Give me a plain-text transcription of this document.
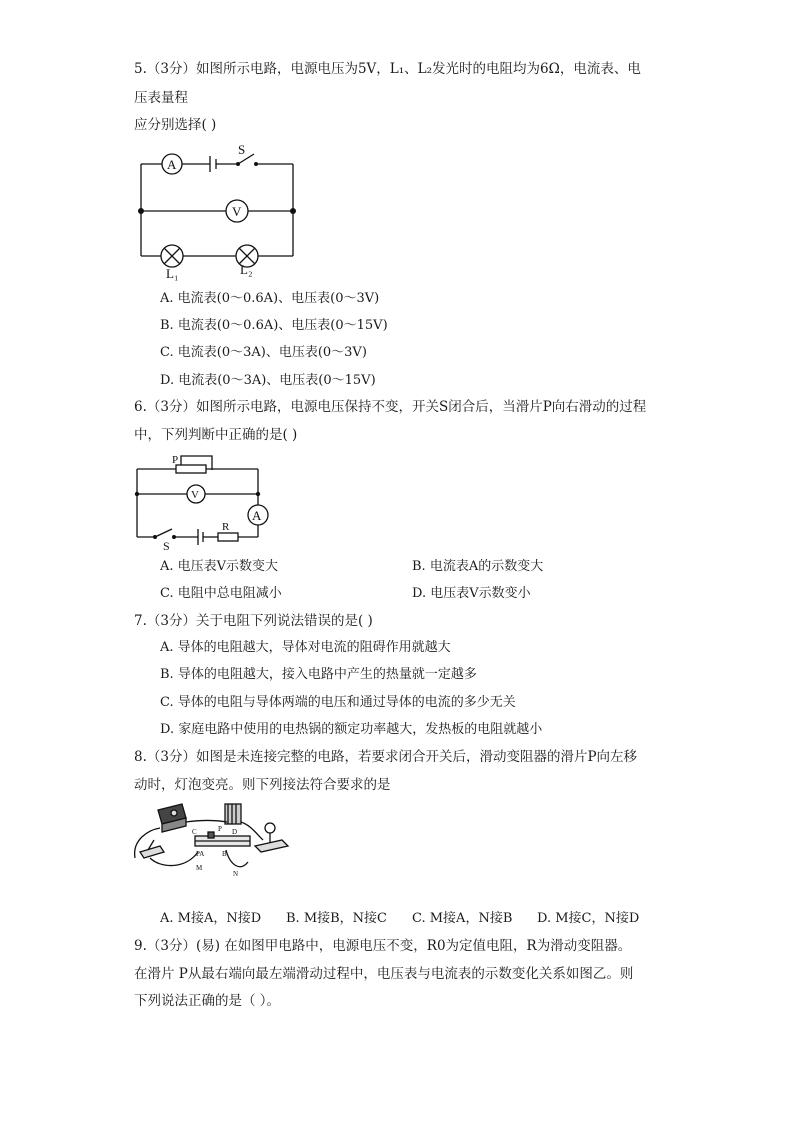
5.（3分）如图所示电路，电源电压为5V，L₁、L₂发光时的电阻均为6Ω，电流表、电
压表量程
应分别选择( )
A
S
V
L₁	L₂
A. 电流表(0～0.6A)、电压表(0～3V)
B. 电流表(0～0.6A)、电压表(0～15V)
C. 电流表(0～3A)、电压表(0～3V)
D. 电流表(0～3A)、电压表(0～15V)
6.（3分）如图所示电路，电源电压保持不变，开关S闭合后，当滑片P向右滑动的过程
中，下列判断中正确的是( )
P
V
A
R
S
A. 电压表V示数变大	B. 电流表A的示数变大
C. 电阻中总电阻减小	D. 电压表V示数变小
7.（3分）关于电阻下列说法错误的是( )
A. 导体的电阻越大，导体对电流的阻碍作用就越大
B. 导体的电阻越大，接入电路中产生的热量就一定越多
C. 导体的电阻与导体两端的电压和通过导体的电流的多少无关
D. 家庭电路中使用的电热锅的额定功率越大，发热板的电阻就越小
8.（3分）如图是未连接完整的电路，若要求闭合开关后，滑动变阻器的滑片P向左移
动时，灯泡变亮。则下列接法符合要求的是
C	P D
PA	B
M
N
A. M接A，N接D B. M接B，N接C C. M接A，N接B D. M接C，N接D
9.（3分）(易) 在如图甲电路中，电源电压不变，R0为定值电阻，R为滑动变阻器。
在滑片 P从最右端向最左端滑动过程中，电压表与电流表的示数变化关系如图乙。则
下列说法正确的是（ ）。
